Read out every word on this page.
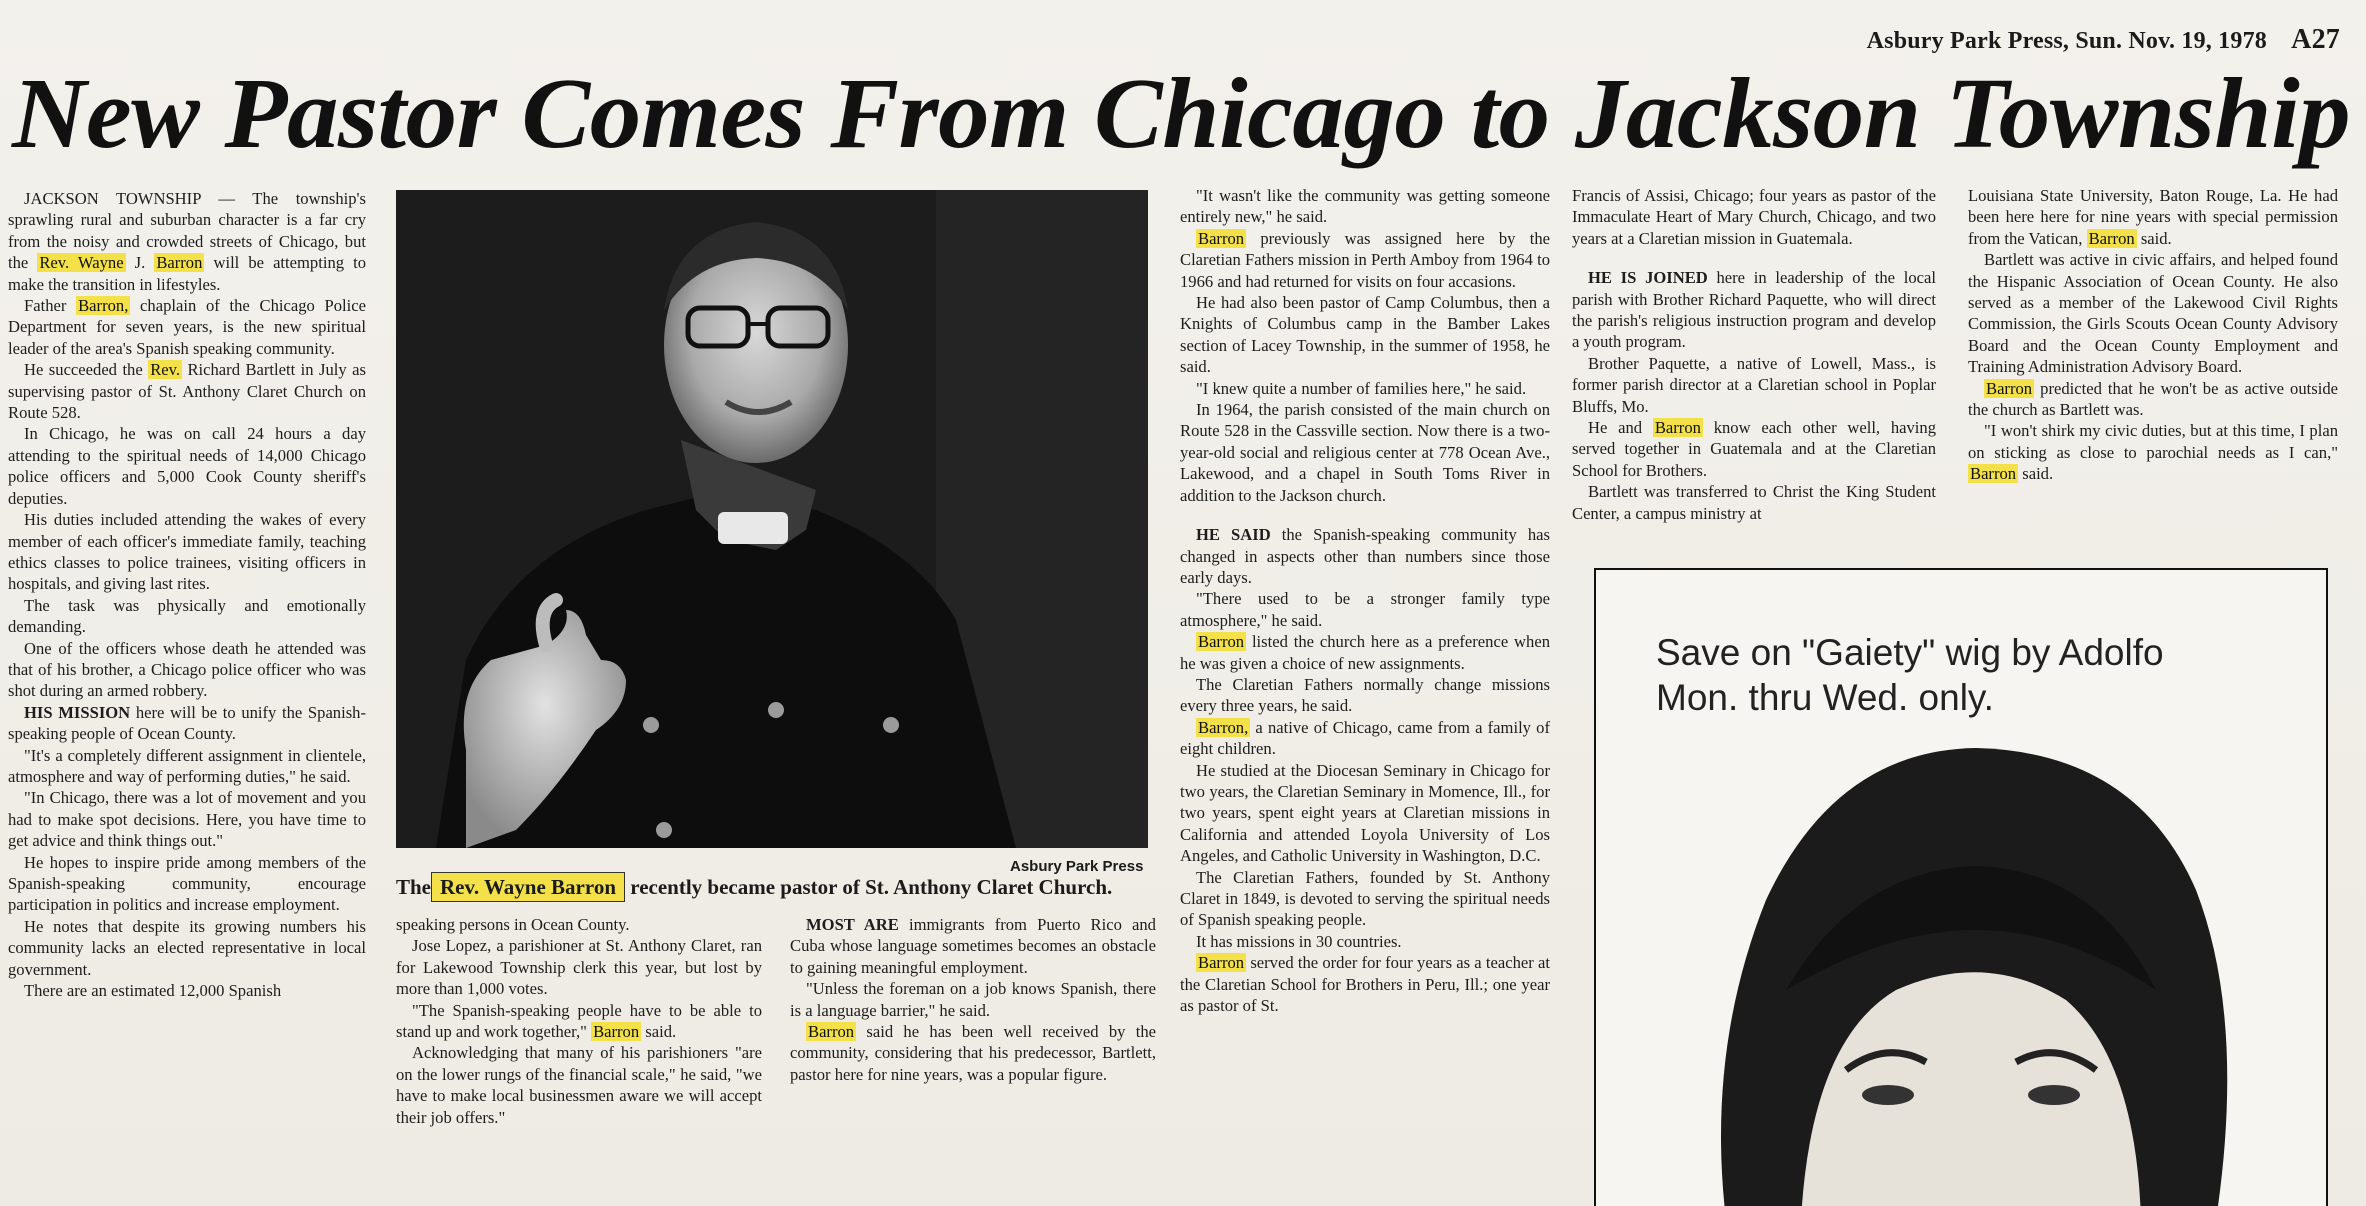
Asbury Park Press, Sun. Nov. 19, 1978 A27
New Pastor Comes From Chicago to Jackson Township

JACKSON TOWNSHIP — The township's sprawling rural and suburban character is a far cry from the noisy and crowded streets of Chicago, but the Rev. Wayne J. Barron will be attempting to make the transition in lifestyles.

Father Barron, chaplain of the Chicago Police Department for seven years, is the new spiritual leader of the area's Spanish speaking community.

He succeeded the Rev. Richard Bartlett in July as supervising pastor of St. Anthony Claret Church on Route 528.

In Chicago, he was on call 24 hours a day attending to the spiritual needs of 14,000 Chicago police officers and 5,000 Cook County sheriff's deputies.

His duties included attending the wakes of every member of each officer's immediate family, teaching ethics classes to police trainees, visiting officers in hospitals, and giving last rites.

The task was physically and emotionally demanding.

One of the officers whose death he attended was that of his brother, a Chicago police officer who was shot during an armed robbery.

HIS MISSION here will be to unify the Spanish-speaking people of Ocean County.

"It's a completely different assignment in clientele, atmosphere and way of performing duties," he said.

"In Chicago, there was a lot of movement and you had to make spot decisions. Here, you have time to get advice and think things out."

He hopes to inspire pride among members of the Spanish-speaking community, encourage participation in politics and increase employment.

He notes that despite its growing numbers his community lacks an elected representative in local government.

There are an estimated 12,000 Spanish

Asbury Park Press
The Rev. Wayne Barron recently became pastor of St. Anthony Claret Church.

speaking persons in Ocean County.

Jose Lopez, a parishioner at St. Anthony Claret, ran for Lakewood Township clerk this year, but lost by more than 1,000 votes.

"The Spanish-speaking people have to be able to stand up and work together," Barron said.

Acknowledging that many of his parishioners "are on the lower rungs of the financial scale," he said, "we have to make local businessmen aware we will accept their job offers."

MOST ARE immigrants from Puerto Rico and Cuba whose language sometimes becomes an obstacle to gaining meaningful employment.

"Unless the foreman on a job knows Spanish, there is a language barrier," he said.

Barron said he has been well received by the community, considering that his predecessor, Bartlett, pastor here for nine years, was a popular figure.

"It wasn't like the community was getting someone entirely new," he said.

Barron previously was assigned here by the Claretian Fathers mission in Perth Amboy from 1964 to 1966 and had returned for visits on four accasions.

He had also been pastor of Camp Columbus, then a Knights of Columbus camp in the Bamber Lakes section of Lacey Township, in the summer of 1958, he said.

"I knew quite a number of families here," he said.

In 1964, the parish consisted of the main church on Route 528 in the Cassville section. Now there is a two-year-old social and religious center at 778 Ocean Ave., Lakewood, and a chapel in South Toms River in addition to the Jackson church.

HE SAID the Spanish-speaking community has changed in aspects other than numbers since those early days.

"There used to be a stronger family type atmosphere," he said.

Barron listed the church here as a preference when he was given a choice of new assignments.

The Claretian Fathers normally change missions every three years, he said.

Barron, a native of Chicago, came from a family of eight children.

He studied at the Diocesan Seminary in Chicago for two years, the Claretian Seminary in Momence, Ill., for two years, spent eight years at Claretian missions in California and attended Loyola University of Los Angeles, and Catholic University in Washington, D.C.

The Claretian Fathers, founded by St. Anthony Claret in 1849, is devoted to serving the spiritual needs of Spanish speaking people.

It has missions in 30 countries.

Barron served the order for four years as a teacher at the Claretian School for Brothers in Peru, Ill.; one year as pastor of St.

Francis of Assisi, Chicago; four years as pastor of the Immaculate Heart of Mary Church, Chicago, and two years at a Claretian mission in Guatemala.

HE IS JOINED here in leadership of the local parish with Brother Richard Paquette, who will direct the parish's religious instruction program and develop a youth program.

Brother Paquette, a native of Lowell, Mass., is former parish director at a Claretian school in Poplar Bluffs, Mo.

He and Barron know each other well, having served together in Guatemala and at the Claretian School for Brothers.

Bartlett was transferred to Christ the King Student Center, a campus ministry at

Louisiana State University, Baton Rouge, La. He had been here here for nine years with special permission from the Vatican, Barron said.

Bartlett was active in civic affairs, and helped found the Hispanic Association of Ocean County. He also served as a member of the Lakewood Civil Rights Commission, the Girls Scouts Ocean County Advisory Board and the Ocean County Employment and Training Administration Advisory Board.

Barron predicted that he won't be as active outside the church as Bartlett was.

"I won't shirk my civic duties, but at this time, I plan on sticking as close to parochial needs as I can," Barron said.

Save on "Gaiety" wig by Adolfo
Mon. thru Wed. only.
